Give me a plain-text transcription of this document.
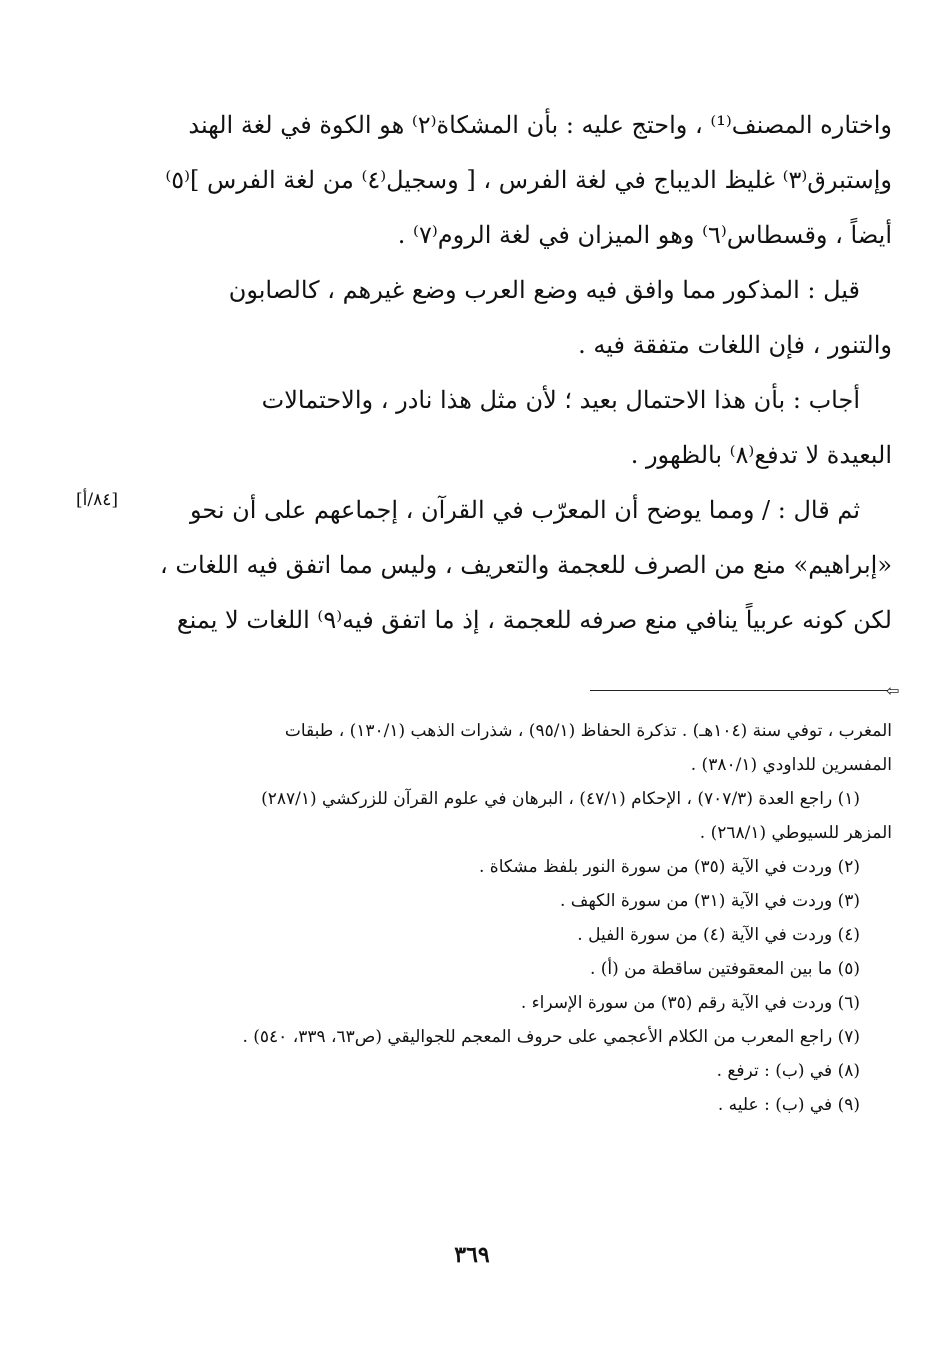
واختاره المصنف⁽¹⁾ ، واحتج عليه : بأن المشكاة⁽٢⁾ هو الكوة في لغة الهند
وإستبرق⁽٣⁾ غليظ الديباج في لغة الفرس ، [ وسجيل⁽٤⁾ من لغة الفرس ]⁽٥⁾
أيضاً ، وقسطاس⁽٦⁾ وهو الميزان في لغة الروم⁽٧⁾ .
قيل : المذكور مما وافق فيه وضع العرب وضع غيرهم ، كالصابون
والتنور ، فإن اللغات متفقة فيه .
أجاب : بأن هذا الاحتمال بعيد ؛ لأن مثل هذا نادر ، والاحتمالات
البعيدة لا تدفع⁽٨⁾ بالظهور .
ثم قال : / ومما يوضح أن المعرّب في القرآن ، إجماعهم على أن نحو
«إبراهيم» منع من الصرف للعجمة والتعريف ، وليس مما اتفق فيه اللغات ،
لكن كونه عربياً ينافي منع صرفه للعجمة ، إذ ما اتفق فيه⁽٩⁾ اللغات لا يمنع
[٨٤/أ]
⇦
المغرب ، توفي سنة (١٠٤هـ) . تذكرة الحفاظ (٩٥/١) ، شذرات الذهب (١٣٠/١) ، طبقات
المفسرين للداودي (٣٨٠/١) .
(١) راجع العدة (٧٠٧/٣) ، الإحكام (٤٧/١) ، البرهان في علوم القرآن للزركشي (٢٨٧/١)
المزهر للسيوطي (٢٦٨/١) .
(٢) وردت في الآية (٣٥) من سورة النور بلفظ مشكاة .
(٣) وردت في الآية (٣١) من سورة الكهف .
(٤) وردت في الآية (٤) من سورة الفيل .
(٥) ما بين المعقوفتين ساقطة من (أ) .
(٦) وردت في الآية رقم (٣٥) من سورة الإسراء .
(٧) راجع المعرب من الكلام الأعجمي على حروف المعجم للجواليقي (ص٦٣، ٣٣٩، ٥٤٠) .
(٨) في (ب) : ترفع .
(٩) في (ب) : عليه .
٣٦٩
